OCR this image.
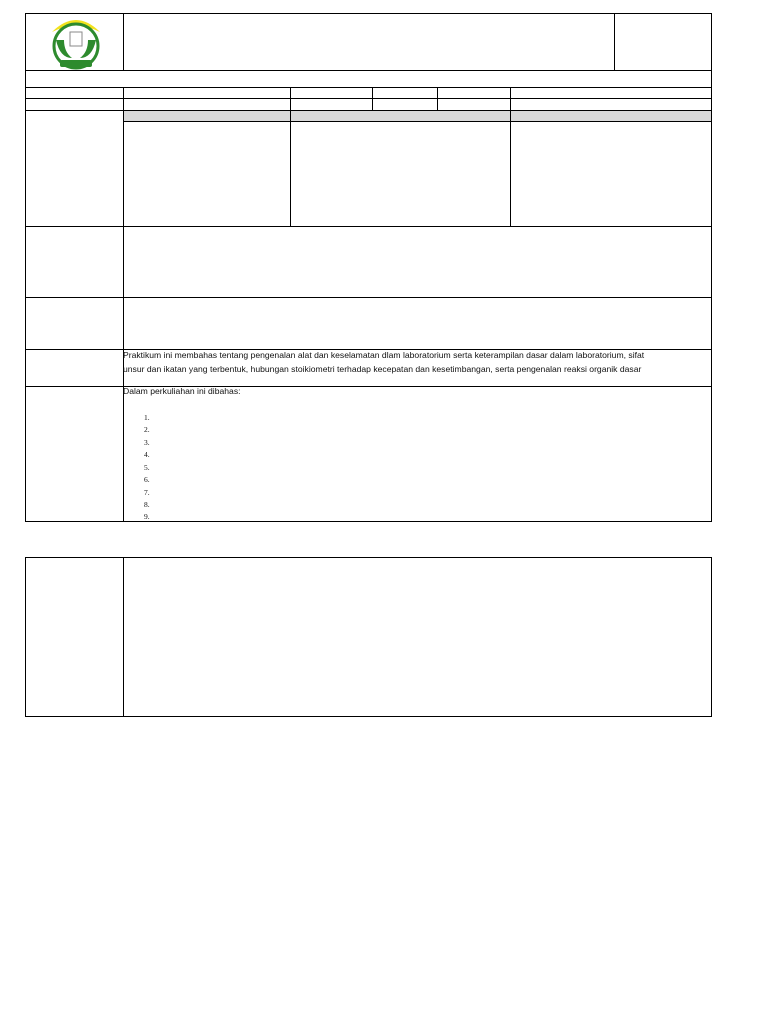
Praktikum ini membahas tentang pengenalan alat dan keselamatan dlam laboratorium serta keterampilan dasar dalam laboratorium, sifat
unsur dan ikatan yang terbentuk, hubungan stoikiometri terhadap kecepatan dan kesetimbangan, serta pengenalan reaksi organik dasar
Dalam perkuliahan ini dibahas:
1.
2.
3.
4.
5.
6.
7.
8.
9.
